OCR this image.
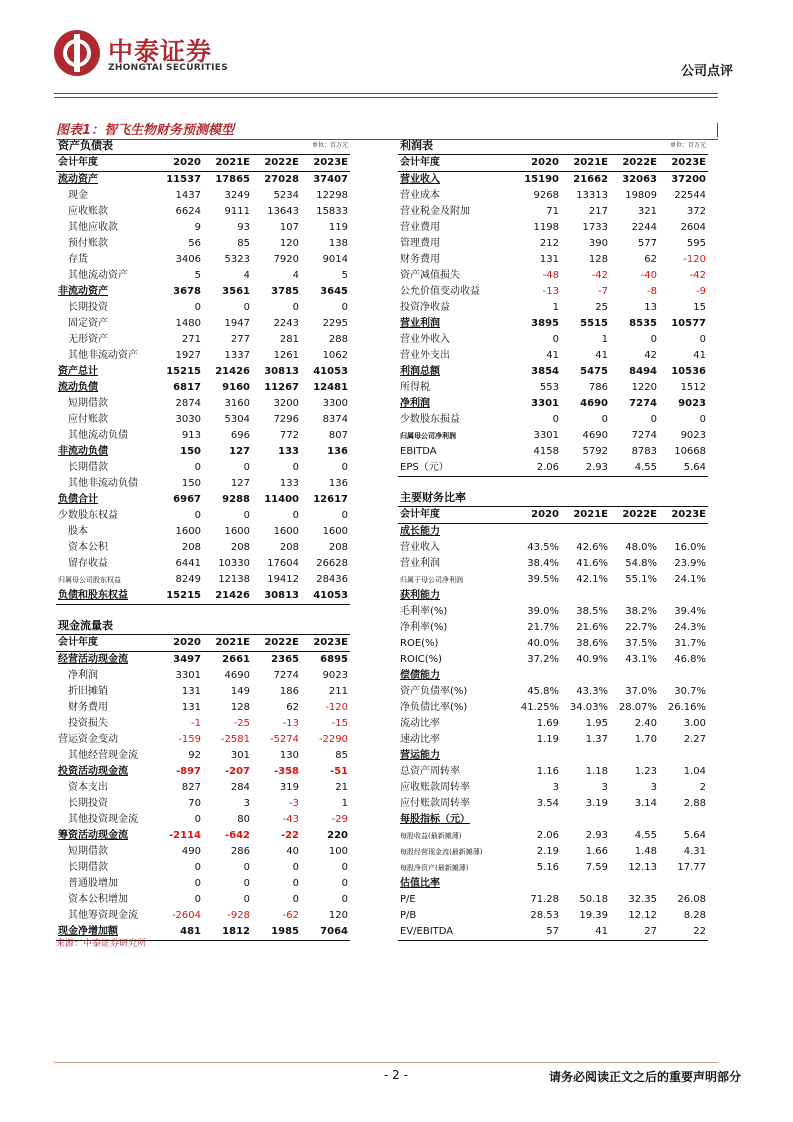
中泰证券
ZHONGTAI SECURITIES	公司点评
图表1：智飞生物财务预测模型
资产负债表				单位：百万元
会计年度	2020	2021E	2022E	2023E
流动资产	11537	17865	27028	37407
现金	1437	3249	5234	12298
应收账款	6624	9111	13643	15833
其他应收款	9	93	107	119
预付账款	56	85	120	138
存货	3406	5323	7920	9014
其他流动资产	5	4	4	5
非流动资产	3678	3561	3785	3645
长期投资	0	0	0	0
固定资产	1480	1947	2243	2295
无形资产	271	277	281	288
其他非流动资产	1927	1337	1261	1062
资产总计	15215	21426	30813	41053
流动负债	6817	9160	11267	12481
短期借款	2874	3160	3200	3300
应付账款	3030	5304	7296	8374
其他流动负债	913	696	772	807
非流动负债	150	127	133	136
长期借款	0	0	0	0
其他非流动负债	150	127	133	136
负债合计	6967	9288	11400	12617
少数股东权益	0	0	0	0
股本	1600	1600	1600	1600
资本公积	208	208	208	208
留存收益	6441	10330	17604	26628
归属母公司股东权益	8249	12138	19412	28436
负债和股东权益	15215	21426	30813	41053
现金流量表				
会计年度	2020	2021E	2022E	2023E
经营活动现金流	3497	2661	2365	6895
净利润	3301	4690	7274	9023
折旧摊销	131	149	186	211
财务费用	131	128	62	-120
投资损失	-1	-25	-13	-15
营运资金变动	-159	-2581	-5274	-2290
其他经营现金流	92	301	130	85
投资活动现金流	-897	-207	-358	-51
资本支出	827	284	319	21
长期投资	70	3	-3	1
其他投资现金流	0	80	-43	-29
筹资活动现金流	-2114	-642	-22	220
短期借款	490	286	40	100
长期借款	0	0	0	0
普通股增加	0	0	0	0
资本公积增加	0	0	0	0
其他筹资现金流	-2604	-928	-62	120
现金净增加额	481	1812	1985	7064
利润表				单位：百万元
会计年度	2020	2021E	2022E	2023E
营业收入	15190	21662	32063	37200
营业成本	9268	13313	19809	22544
营业税金及附加	71	217	321	372
营业费用	1198	1733	2244	2604
管理费用	212	390	577	595
财务费用	131	128	62	-120
资产减值损失	-48	-42	-40	-42
公允价值变动收益	-13	-7	-8	-9
投资净收益	1	25	13	15
营业利润	3895	5515	8535	10577
营业外收入	0	1	0	0
营业外支出	41	41	42	41
利润总额	3854	5475	8494	10536
所得税	553	786	1220	1512
净利润	3301	4690	7274	9023
少数股东损益	0	0	0	0
归属母公司净利润	3301	4690	7274	9023
EBITDA	4158	5792	8783	10668
EPS（元）	2.06	2.93	4.55	5.64
主要财务比率				
会计年度	2020	2021E	2022E	2023E
成长能力				
营业收入	43.5%	42.6%	48.0%	16.0%
营业利润	38.4%	41.6%	54.8%	23.9%
归属于母公司净利润	39.5%	42.1%	55.1%	24.1%
获利能力				
毛利率(%)	39.0%	38.5%	38.2%	39.4%
净利率(%)	21.7%	21.6%	22.7%	24.3%
ROE(%)	40.0%	38.6%	37.5%	31.7%
ROIC(%)	37.2%	40.9%	43.1%	46.8%
偿债能力				
资产负债率(%)	45.8%	43.3%	37.0%	30.7%
净负债比率(%)	41.25%	34.03%	28.07%	26.16%
流动比率	1.69	1.95	2.40	3.00
速动比率	1.19	1.37	1.70	2.27
营运能力				
总资产周转率	1.16	1.18	1.23	1.04
应收账款周转率	3	3	3	2
应付账款周转率	3.54	3.19	3.14	2.88
每股指标（元）				
每股收益(最新摊薄)	2.06	2.93	4.55	5.64
每股经营现金流(最新摊薄)	2.19	1.66	1.48	4.31
每股净资产(最新摊薄)	5.16	7.59	12.13	17.77
估值比率				
P/E	71.28	50.18	32.35	26.08
P/B	28.53	19.39	12.12	8.28
EV/EBITDA	57	41	27	22
来源：中泰证券研究所
- 2 -	请务必阅读正文之后的重要声明部分
